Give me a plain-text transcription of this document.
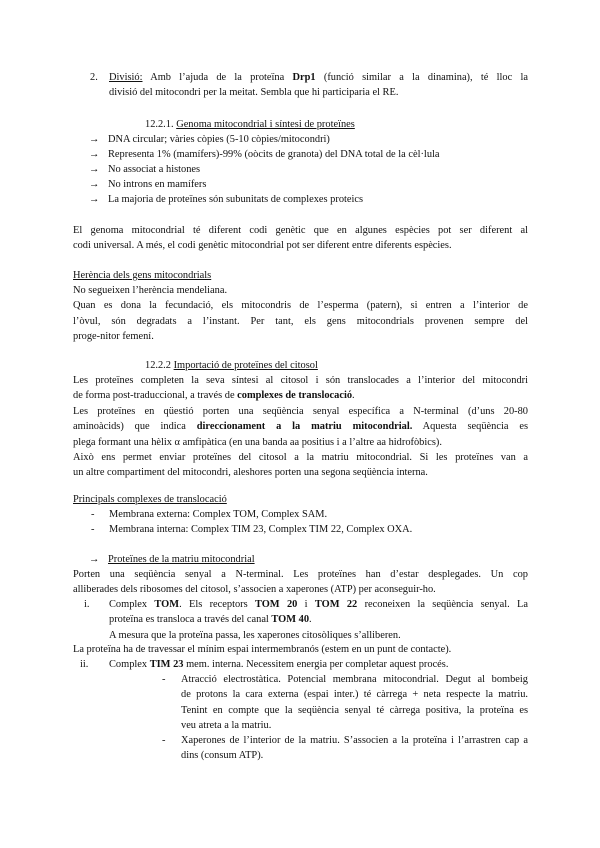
2. Divisió: Amb l’ajuda de la proteïna Drp1 (funció similar a la dinamina), té lloc la
divisió del mitocondri per la meitat. Sembla que hi participaria el RE.
12.2.1. Genoma mitocondrial i síntesi de proteïnes
→ DNA circular; vàries còpies (5-10 còpies/mitocondri)
→ Representa 1% (mamífers)-99% (oòcits de granota) del DNA total de la cèl·lula
→ No associat a histones
→ No introns en mamífers
→ La majoria de proteïnes són subunitats de complexes proteics
El genoma mitocondrial té diferent codi genètic que en algunes espècies pot ser diferent al
codi universal. A més, el codi genètic mitocondrial pot ser diferent entre diferents espècies.
Herència dels gens mitocondrials
No segueixen l’herència mendeliana.
Quan es dona la fecundació, els mitocondris de l’esperma (patern), si entren a l’interior de
l’òvul, són degradats a l’instant. Per tant, els gens mitocondrials provenen sempre del
proge-nitor femení.
12.2.2 Importació de proteïnes del citosol
Les proteïnes completen la seva síntesi al citosol i són translocades a l’interior del mitocondri
de forma post-traduccional, a través de complexes de translocació.
Les proteïnes en qüestió porten una seqüència senyal específica a N-terminal (d’uns 20-80
aminoàcids) que indica direccionament a la matriu mitocondrial. Aquesta seqüència es
plega formant una hèlix α amfipàtica (en una banda aa positius i a l’altre aa hidrofòbics).
Això ens permet enviar proteïnes del citosol a la matriu mitocondrial. Si les proteïnes van a
un altre compartiment del mitocondri, aleshores porten una segona seqüència interna.
Principals complexes de translocació
- Membrana externa: Complex TOM, Complex SAM.
- Membrana interna: Complex TIM 23, Complex TIM 22, Complex OXA.
→ Proteïnes de la matriu mitocondrial
Porten una seqüència senyal a N-terminal. Les proteïnes han d’estar desplegades. Un cop
alliberades dels ribosomes del citosol, s’associen a xaperones (ATP) per aconseguir-ho.
i. Complex TOM. Els receptors TOM 20 i TOM 22 reconeixen la seqüència senyal. La
proteïna es transloca a través del canal TOM 40.
A mesura que la proteïna passa, les xaperones citosòliques s’alliberen.
La proteïna ha de travessar el mínim espai intermembranós (estem en un punt de contacte).
ii. Complex TIM 23 mem. interna. Necessitem energia per completar aquest procés.
- Atracció electrostàtica. Potencial membrana mitocondrial. Degut al bombeig
de protons la cara externa (espai inter.) té càrrega + neta respecte la matriu.
Tenint en compte que la seqüència senyal té càrrega positiva, la proteïna es
veu atreta a la matriu.
- Xaperones de l’interior de la matriu. S’associen a la proteïna i l’arrastren cap a
dins (consum ATP).
